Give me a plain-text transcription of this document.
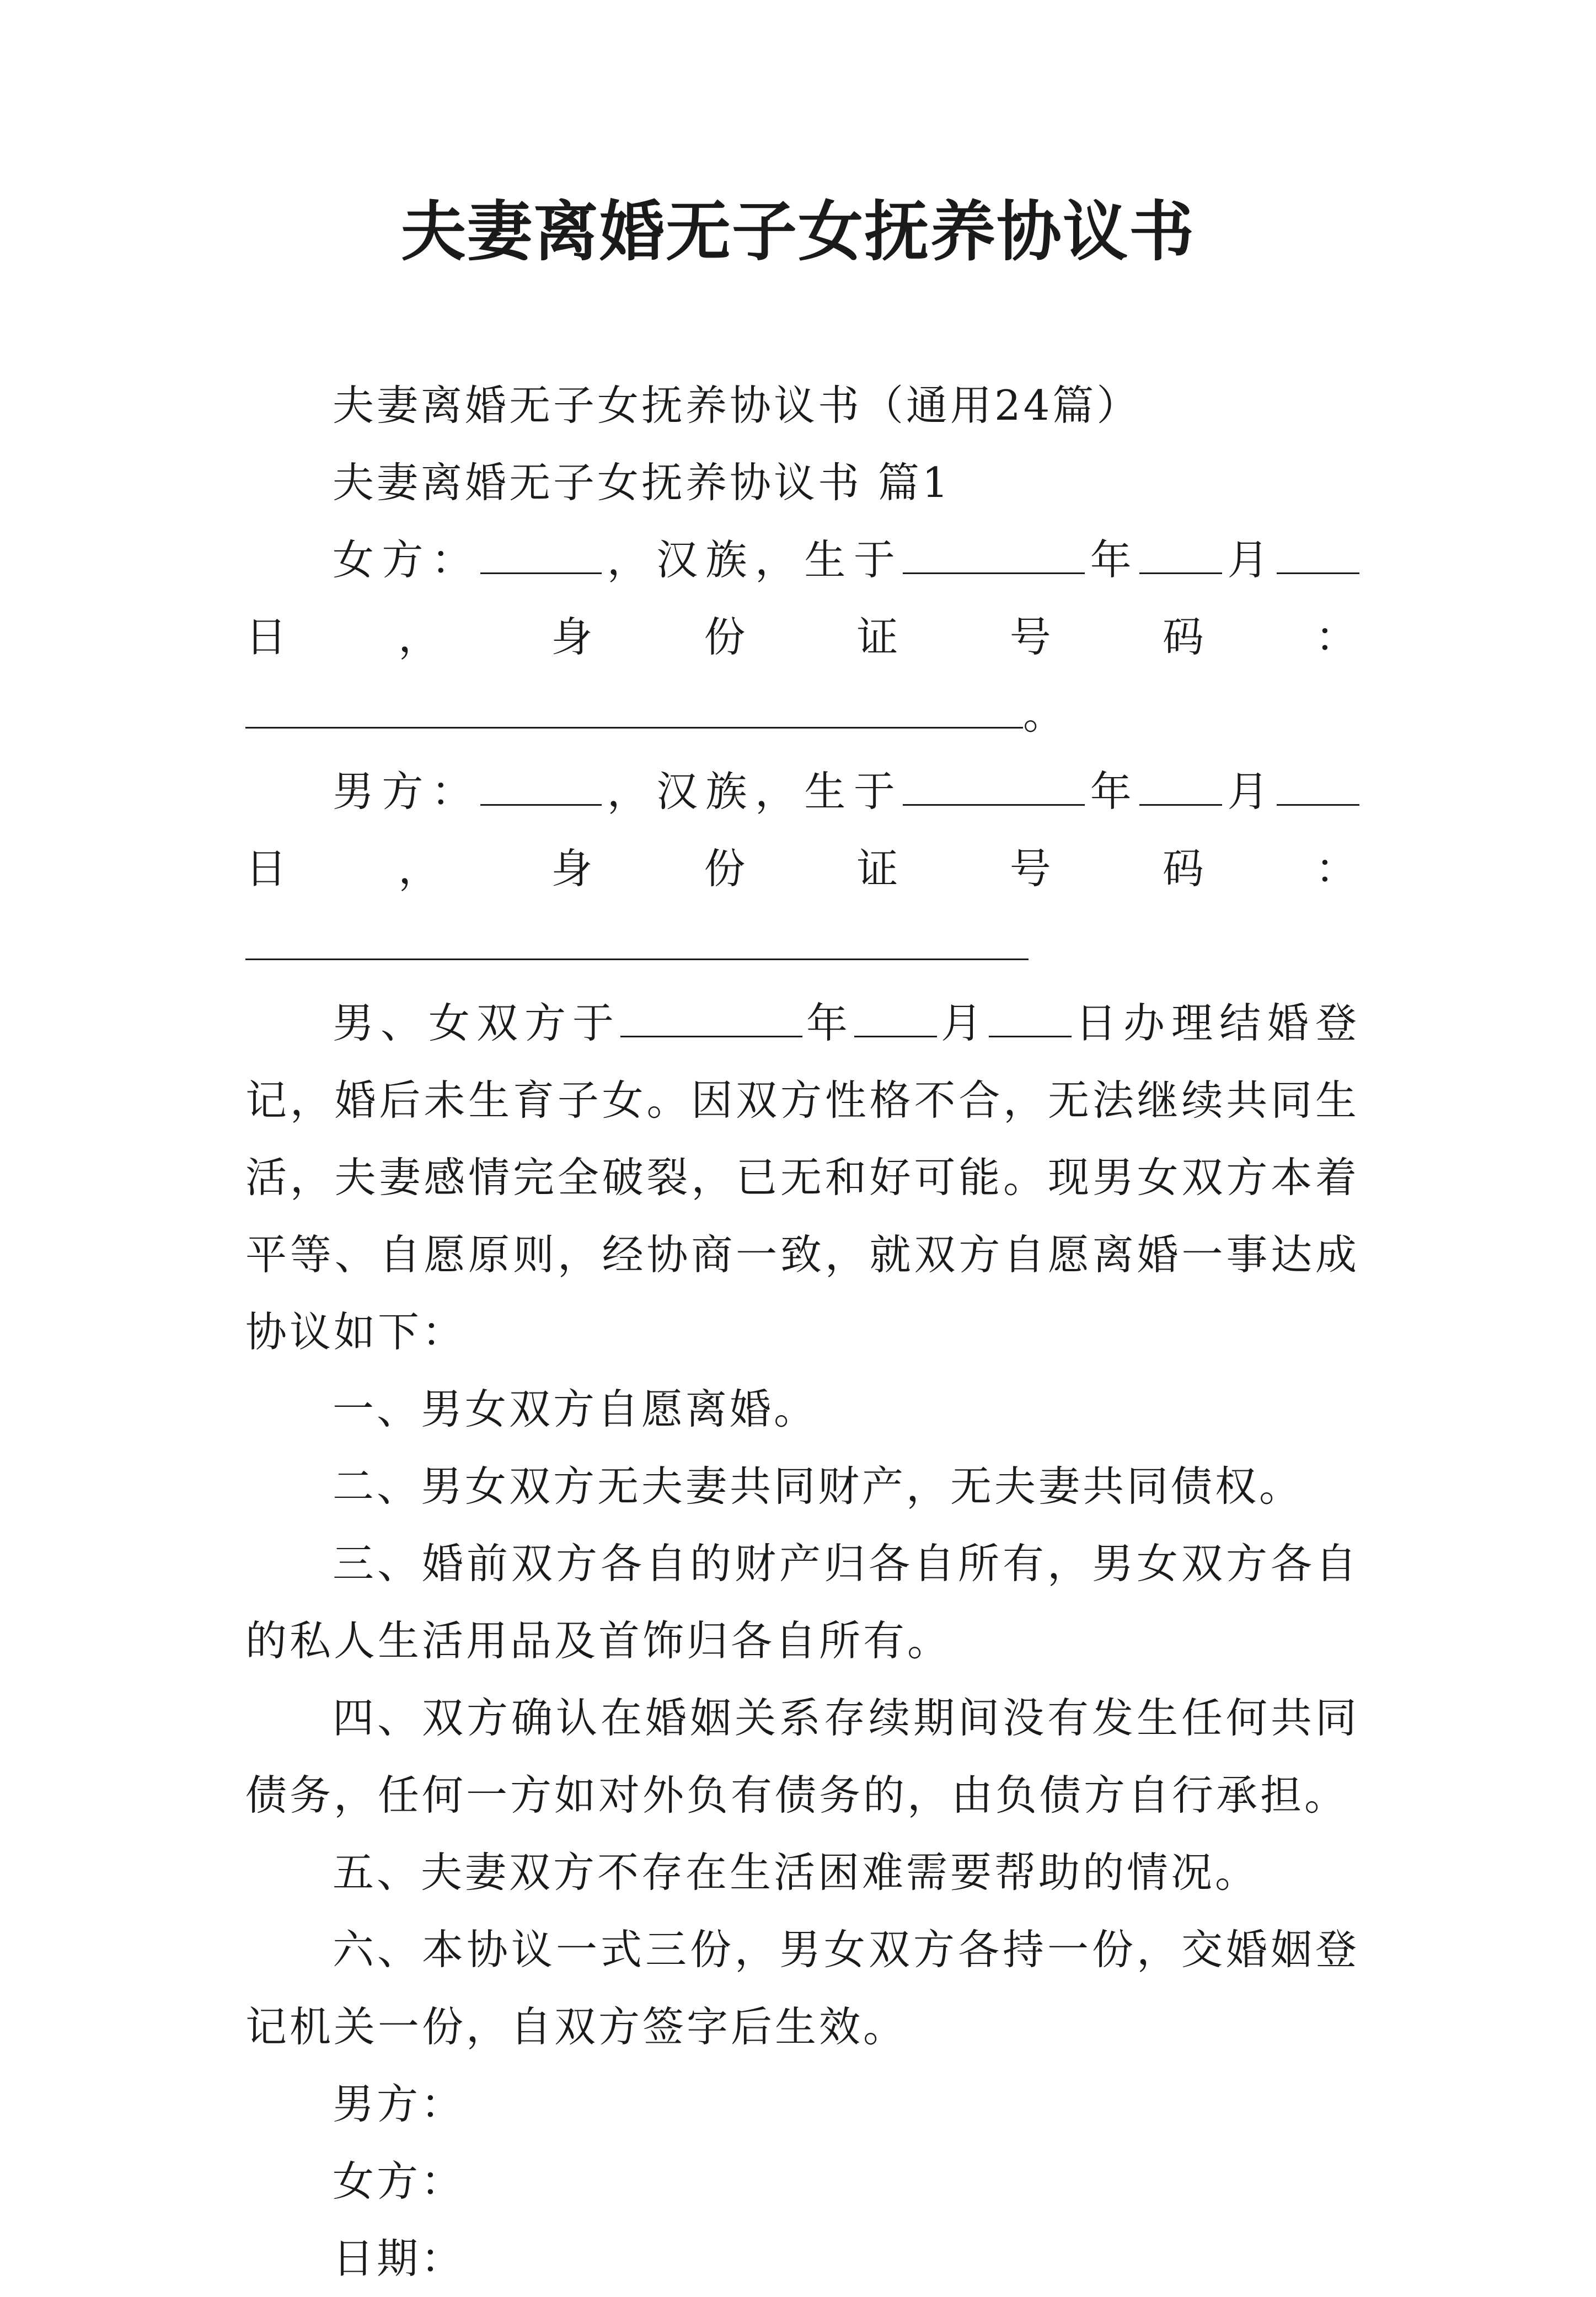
夫妻离婚无子女抚养协议书

夫妻离婚无子女抚养协议书（通用24篇）

夫妻离婚无子女抚养协议书 篇1

女方：	，汉族，生于	年 月日，身份证号码：。

男方：	，汉族，生于	年 月日，身份证号码：

男、女双方于	年 月 日办理结婚登记，婚后未生育子女。因双方性格不合，无法继续共同生活，夫妻感情完全破裂，已无和好可能。现男女双方本着平等、自愿原则，经协商一致，就双方自愿离婚一事达成协议如下：

一、男女双方自愿离婚。

二、男女双方无夫妻共同财产，无夫妻共同债权。

三、婚前双方各自的财产归各自所有，男女双方各自的私人生活用品及首饰归各自所有。

四、双方确认在婚姻关系存续期间没有发生任何共同债务，任何一方如对外负有债务的，由负债方自行承担。

五、夫妻双方不存在生活困难需要帮助的情况。

六、本协议一式三份，男女双方各持一份，交婚姻登记机关一份，自双方签字后生效。

男方：

女方：

日期：
